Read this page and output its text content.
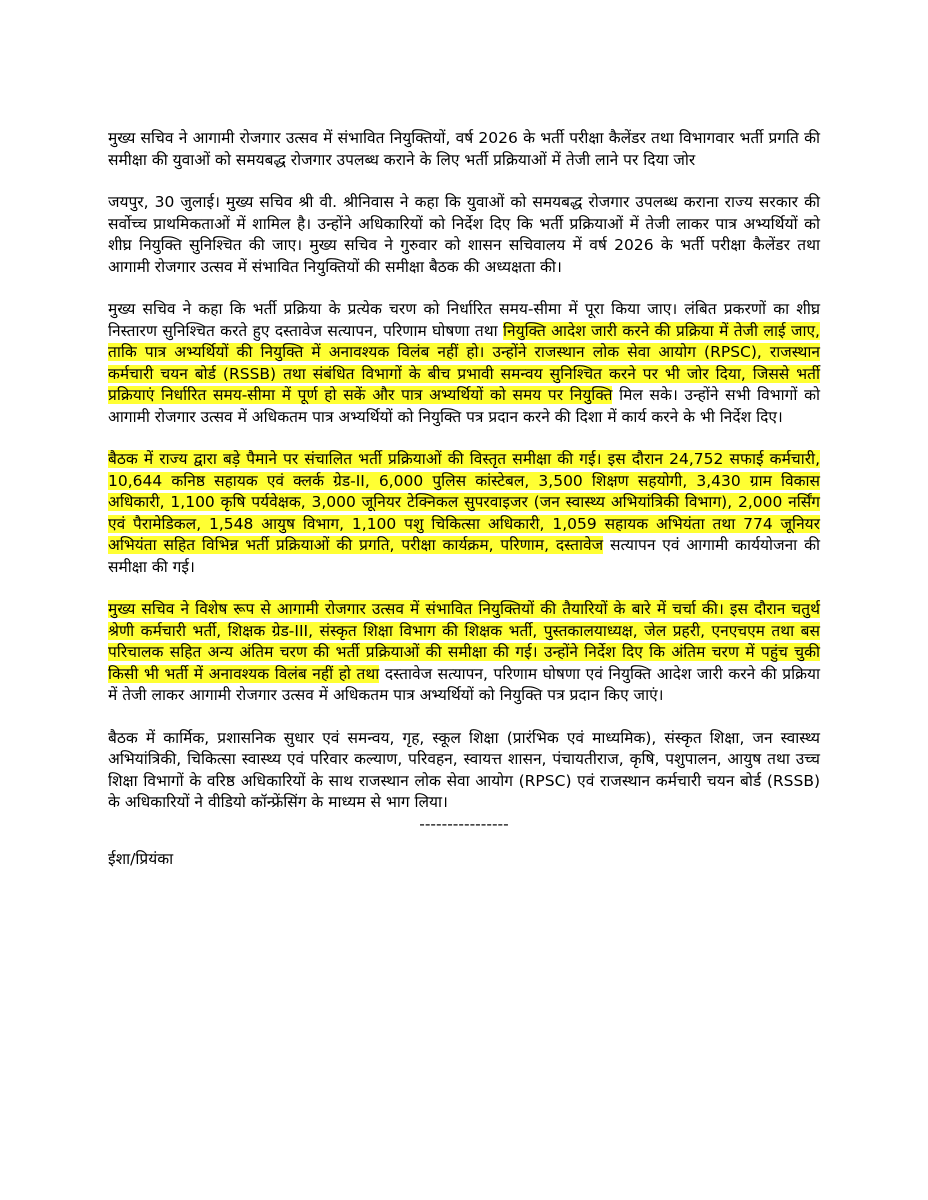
मुख्य सचिव ने आगामी रोजगार उत्सव में संभावित नियुक्तियों, वर्ष 2026 के भर्ती परीक्षा कैलेंडर तथा विभागवार भर्ती प्रगति की समीक्षा की युवाओं को समयबद्ध रोजगार उपलब्ध कराने के लिए भर्ती प्रक्रियाओं में तेजी लाने पर दिया जोर

जयपुर, 30 जुलाई। मुख्य सचिव श्री वी. श्रीनिवास ने कहा कि युवाओं को समयबद्ध रोजगार उपलब्ध कराना राज्य सरकार की सर्वोच्च प्राथमिकताओं में शामिल है। उन्होंने अधिकारियों को निर्देश दिए कि भर्ती प्रक्रियाओं में तेजी लाकर पात्र अभ्यर्थियों को शीघ्र नियुक्ति सुनिश्चित की जाए। मुख्य सचिव ने गुरुवार को शासन सचिवालय में वर्ष 2026 के भर्ती परीक्षा कैलेंडर तथा आगामी रोजगार उत्सव में संभावित नियुक्तियों की समीक्षा बैठक की अध्यक्षता की।

मुख्य सचिव ने कहा कि भर्ती प्रक्रिया के प्रत्येक चरण को निर्धारित समय-सीमा में पूरा किया जाए। लंबित प्रकरणों का शीघ्र निस्तारण सुनिश्चित करते हुए दस्तावेज सत्यापन, परिणाम घोषणा तथा नियुक्ति आदेश जारी करने की प्रक्रिया में तेजी लाई जाए, ताकि पात्र अभ्यर्थियों की नियुक्ति में अनावश्यक विलंब नहीं हो। उन्होंने राजस्थान लोक सेवा आयोग (RPSC), राजस्थान कर्मचारी चयन बोर्ड (RSSB) तथा संबंधित विभागों के बीच प्रभावी समन्वय सुनिश्चित करने पर भी जोर दिया, जिससे भर्ती प्रक्रियाएं निर्धारित समय-सीमा में पूर्ण हो सकें और पात्र अभ्यर्थियों को समय पर नियुक्ति मिल सके। उन्होंने सभी विभागों को आगामी रोजगार उत्सव में अधिकतम पात्र अभ्यर्थियों को नियुक्ति पत्र प्रदान करने की दिशा में कार्य करने के भी निर्देश दिए।

बैठक में राज्य द्वारा बड़े पैमाने पर संचालित भर्ती प्रक्रियाओं की विस्तृत समीक्षा की गई। इस दौरान 24,752 सफाई कर्मचारी, 10,644 कनिष्ठ सहायक एवं क्लर्क ग्रेड-II, 6,000 पुलिस कांस्टेबल, 3,500 शिक्षण सहयोगी, 3,430 ग्राम विकास अधिकारी, 1,100 कृषि पर्यवेक्षक, 3,000 जूनियर टेक्निकल सुपरवाइजर (जन स्वास्थ्य अभियांत्रिकी विभाग), 2,000 नर्सिंग एवं पैरामेडिकल, 1,548 आयुष विभाग, 1,100 पशु चिकित्सा अधिकारी, 1,059 सहायक अभियंता तथा 774 जूनियर अभियंता सहित विभिन्न भर्ती प्रक्रियाओं की प्रगति, परीक्षा कार्यक्रम, परिणाम, दस्तावेज सत्यापन एवं आगामी कार्ययोजना की समीक्षा की गई।

मुख्य सचिव ने विशेष रूप से आगामी रोजगार उत्सव में संभावित नियुक्तियों की तैयारियों के बारे में चर्चा की। इस दौरान चतुर्थ श्रेणी कर्मचारी भर्ती, शिक्षक ग्रेड-III, संस्कृत शिक्षा विभाग की शिक्षक भर्ती, पुस्तकालयाध्यक्ष, जेल प्रहरी, एनएचएम तथा बस परिचालक सहित अन्य अंतिम चरण की भर्ती प्रक्रियाओं की समीक्षा की गई। उन्होंने निर्देश दिए कि अंतिम चरण में पहुंच चुकी किसी भी भर्ती में अनावश्यक विलंब नहीं हो तथा दस्तावेज सत्यापन, परिणाम घोषणा एवं नियुक्ति आदेश जारी करने की प्रक्रिया में तेजी लाकर आगामी रोजगार उत्सव में अधिकतम पात्र अभ्यर्थियों को नियुक्ति पत्र प्रदान किए जाएं।

बैठक में कार्मिक, प्रशासनिक सुधार एवं समन्वय, गृह, स्कूल शिक्षा (प्रारंभिक एवं माध्यमिक), संस्कृत शिक्षा, जन स्वास्थ्य अभियांत्रिकी, चिकित्सा स्वास्थ्य एवं परिवार कल्याण, परिवहन, स्वायत्त शासन, पंचायतीराज, कृषि, पशुपालन, आयुष तथा उच्च शिक्षा विभागों के वरिष्ठ अधिकारियों के साथ राजस्थान लोक सेवा आयोग (RPSC) एवं राजस्थान कर्मचारी चयन बोर्ड (RSSB) के अधिकारियों ने वीडियो कॉन्फ्रेंसिंग के माध्यम से भाग लिया।

----------------

ईशा/प्रियंका
